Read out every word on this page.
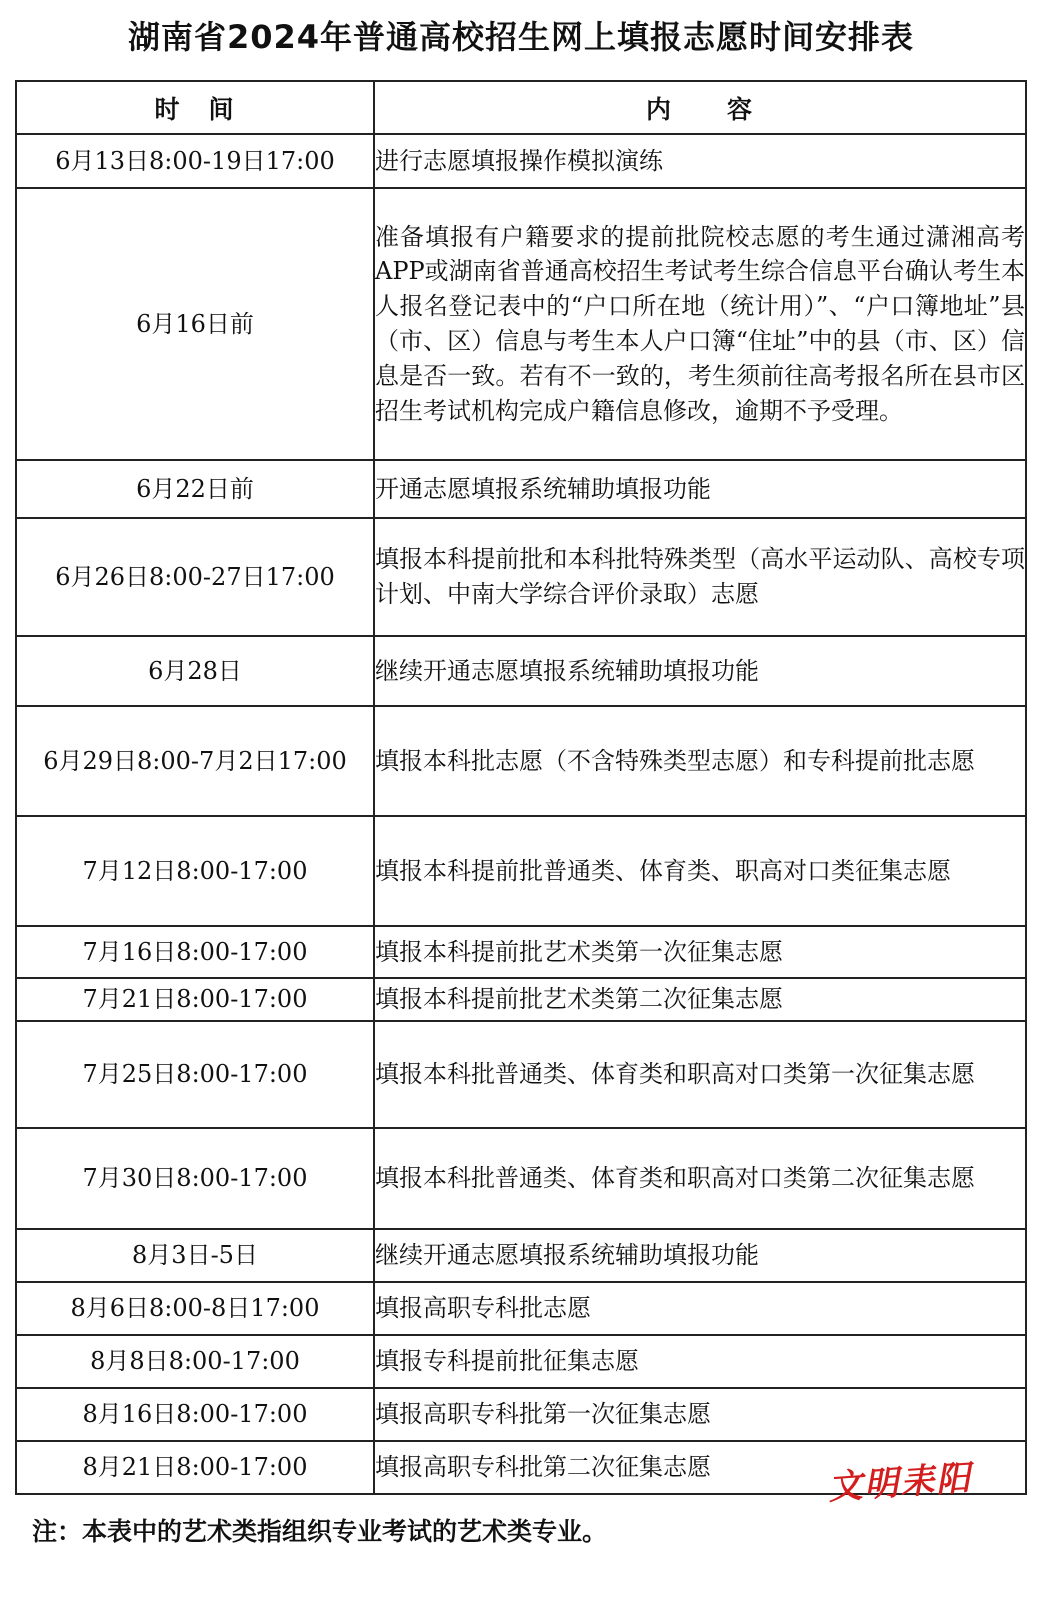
湖南省2024年普通高校招生网上填报志愿时间安排表
时　间	内　　容
6月13日8:00-19日17:00	进行志愿填报操作模拟演练
6月16日前	准备填报有户籍要求的提前批院校志愿的考生通过潇湘高考APP或湖南省普通高校招生考试考生综合信息平台确认考生本人报名登记表中的“户口所在地（统计用）”、“户口簿地址”县（市、区）信息与考生本人户口簿“住址”中的县（市、区）信息是否一致。若有不一致的，考生须前往高考报名所在县市区招生考试机构完成户籍信息修改，逾期不予受理。
6月22日前	开通志愿填报系统辅助填报功能
6月26日8:00-27日17:00	填报本科提前批和本科批特殊类型（高水平运动队、高校专项计划、中南大学综合评价录取）志愿
6月28日	继续开通志愿填报系统辅助填报功能
6月29日8:00-7月2日17:00	填报本科批志愿（不含特殊类型志愿）和专科提前批志愿
7月12日8:00-17:00	填报本科提前批普通类、体育类、职高对口类征集志愿
7月16日8:00-17:00	填报本科提前批艺术类第一次征集志愿
7月21日8:00-17:00	填报本科提前批艺术类第二次征集志愿
7月25日8:00-17:00	填报本科批普通类、体育类和职高对口类第一次征集志愿
7月30日8:00-17:00	填报本科批普通类、体育类和职高对口类第二次征集志愿
8月3日-5日	继续开通志愿填报系统辅助填报功能
8月6日8:00-8日17:00	填报高职专科批志愿
8月8日8:00-17:00	填报专科提前批征集志愿
8月16日8:00-17:00	填报高职专科批第一次征集志愿
8月21日8:00-17:00	填报高职专科批第二次征集志愿	文明耒阳
注：本表中的艺术类指组织专业考试的艺术类专业。
